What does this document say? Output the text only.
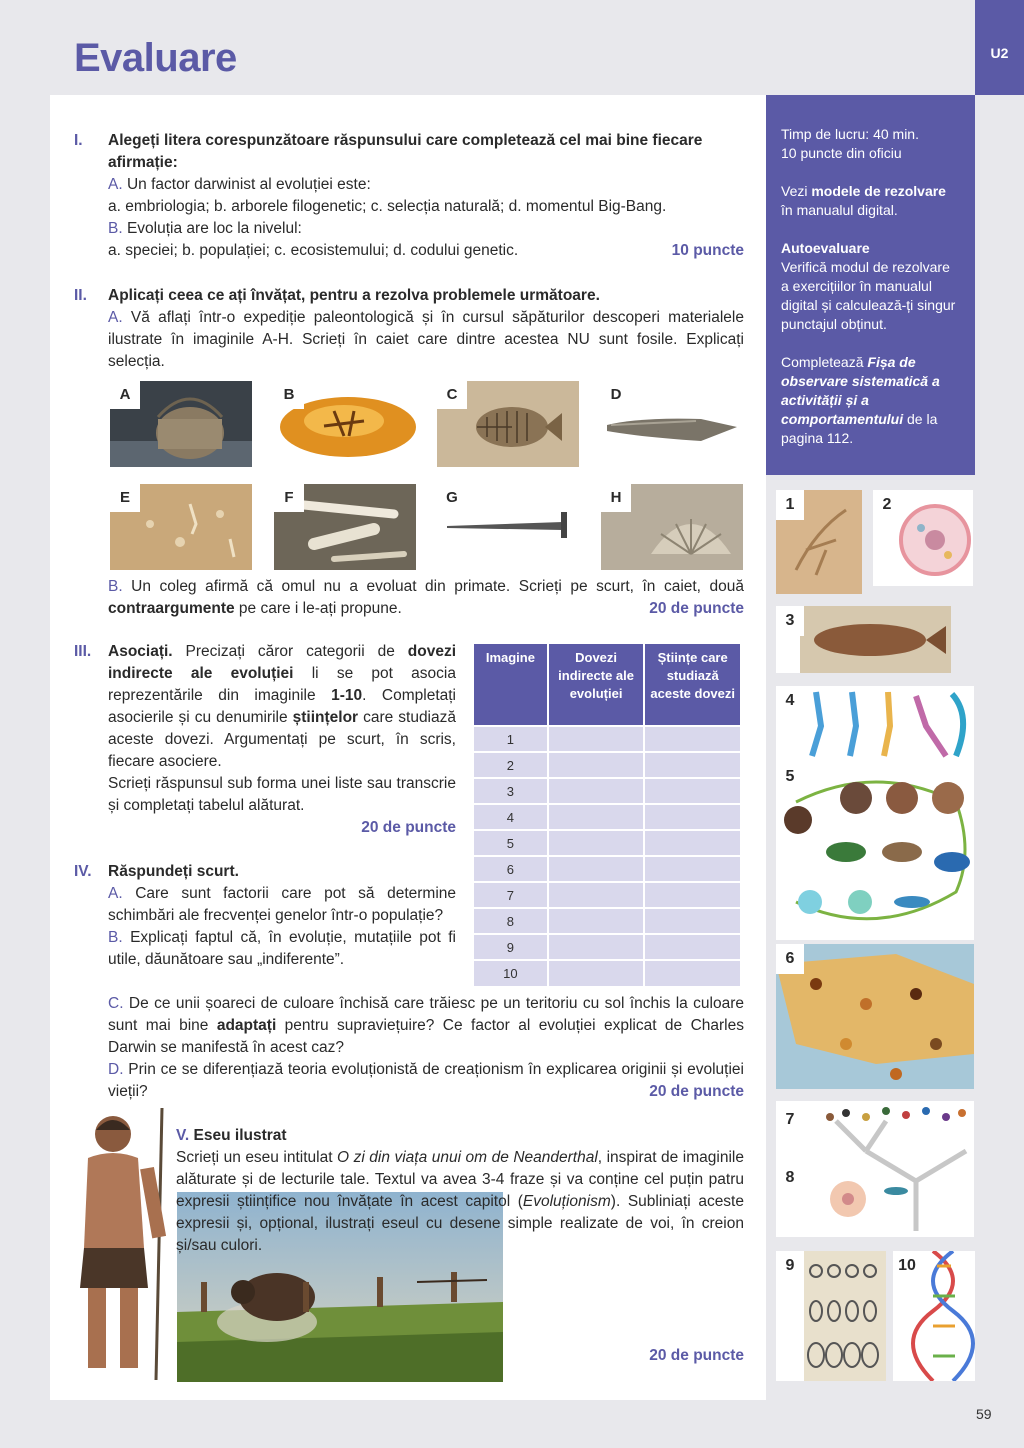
Evaluare	U2
59

Timp de lucru: 40 min.
10 puncte din oficiu

Vezi modele de rezolvare în manualul digital.

Autoevaluare
Verifică modul de rezolvare a exercițiilor în manualul digital și calculează-ți singur punctajul obținut.

Completează Fișa de observare sistematică a activității și a comportamentului de la pagina 112.

I. Alegeți litera corespunzătoare răspunsului care completează cel mai bine fiecare afirmație:
A. Un factor darwinist al evoluției este:
a. embriologia; b. arborele filogenetic; c. selecția naturală; d. momentul Big-Bang.
B. Evoluția are loc la nivelul:
a. speciei; b. populației; c. ecosistemului; d. codului genetic.	10 puncte
II. Aplicați ceea ce ați învățat, pentru a rezolva problemele următoare.
A. Vă aflați într-o expediție paleontologică și în cursul săpăturilor descoperi materialele ilustrate în imaginile A-H. Scrieți în caiet care dintre acestea NU sunt fosile. Explicați selecția.
A	B	C	D
E	F	G	H
B. Un coleg afirmă că omul nu a evoluat din primate. Scrieți pe scurt, în caiet, două contraargumente pe care i le-ați propune.	20 de puncte
III. Asociați. Precizați căror categorii de dovezi indirecte ale evoluției li se pot asocia reprezentările din imaginile 1-10. Completați asocierile și cu denumirile științelor care studiază aceste dovezi. Argumentați pe scurt, în scris, fiecare asociere.
Scrieți răspunsul sub forma unei liste sau transcrie și completați tabelul alăturat.
20 de puncte
Imagine	Dovezi indirecte ale evoluției	Științe care studiază aceste dovezi
1		
2		
3		
4		
5		
6		
7		
8		
9		
10		
IV. Răspundeți scurt.
A. Care sunt factorii care pot să determine schimbări ale frecvenței genelor într-o populație?
B. Explicați faptul că, în evoluție, mutațiile pot fi utile, dăunătoare sau „indiferente”.
C. De ce unii șoareci de culoare închisă care trăiesc pe un teritoriu cu sol închis la culoare sunt mai bine adaptați pentru supraviețuire? Ce factor al evoluției explicat de Charles Darwin se manifestă în acest caz?
D. Prin ce se diferențiază teoria evoluționistă de creaționism în explicarea originii și evoluției vieții?	20 de puncte
V. Eseu ilustrat
Scrieți un eseu intitulat O zi din viața unui om de Neanderthal, inspirat de imaginile alăturate și de lecturile tale. Textul va avea 3-4 fraze și va conține cel puțin patru expresii științifice nou învățate în acest capitol (Evoluționism). Subliniați aceste expresii și, opțional, ilustrați eseul cu desene simple realizate de voi, în creion și/sau culori.
20 de puncte
1	2
3
4
5
6
7
8
9	10
